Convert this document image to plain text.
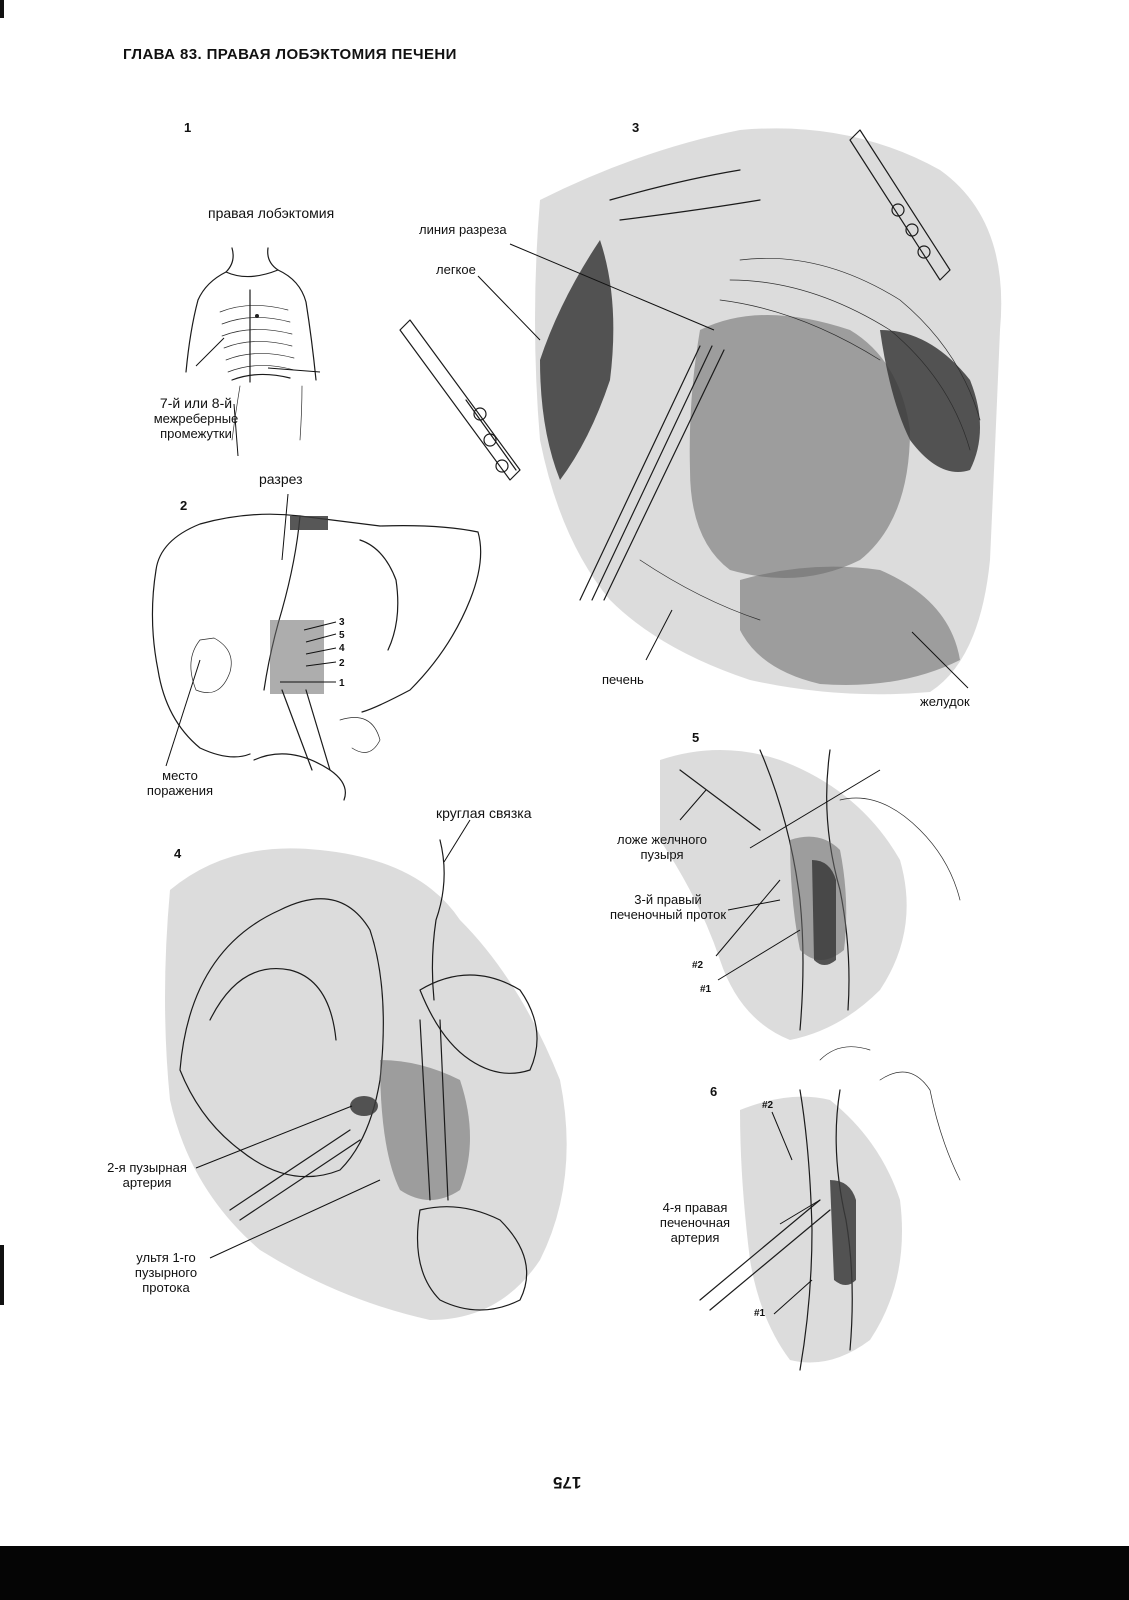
ГЛАВА 83. ПРАВАЯ ЛОБЭКТОМИЯ ПЕЧЕНИ
1
2
3
4
5
6
правая лобэктомия
7-й или 8-й
межреберные
промежутки
разрез
3
5
4
2
1
место
поражения
линия разреза
легкое
печень
желудок
круглая связка
2-я пузырная
артерия
ультя 1-го
пузырного
протока
ложе желчного
пузыря
3-й правый
печеночный проток
#2
#1
#2
4-я правая
печеночная
артерия
#1
175
